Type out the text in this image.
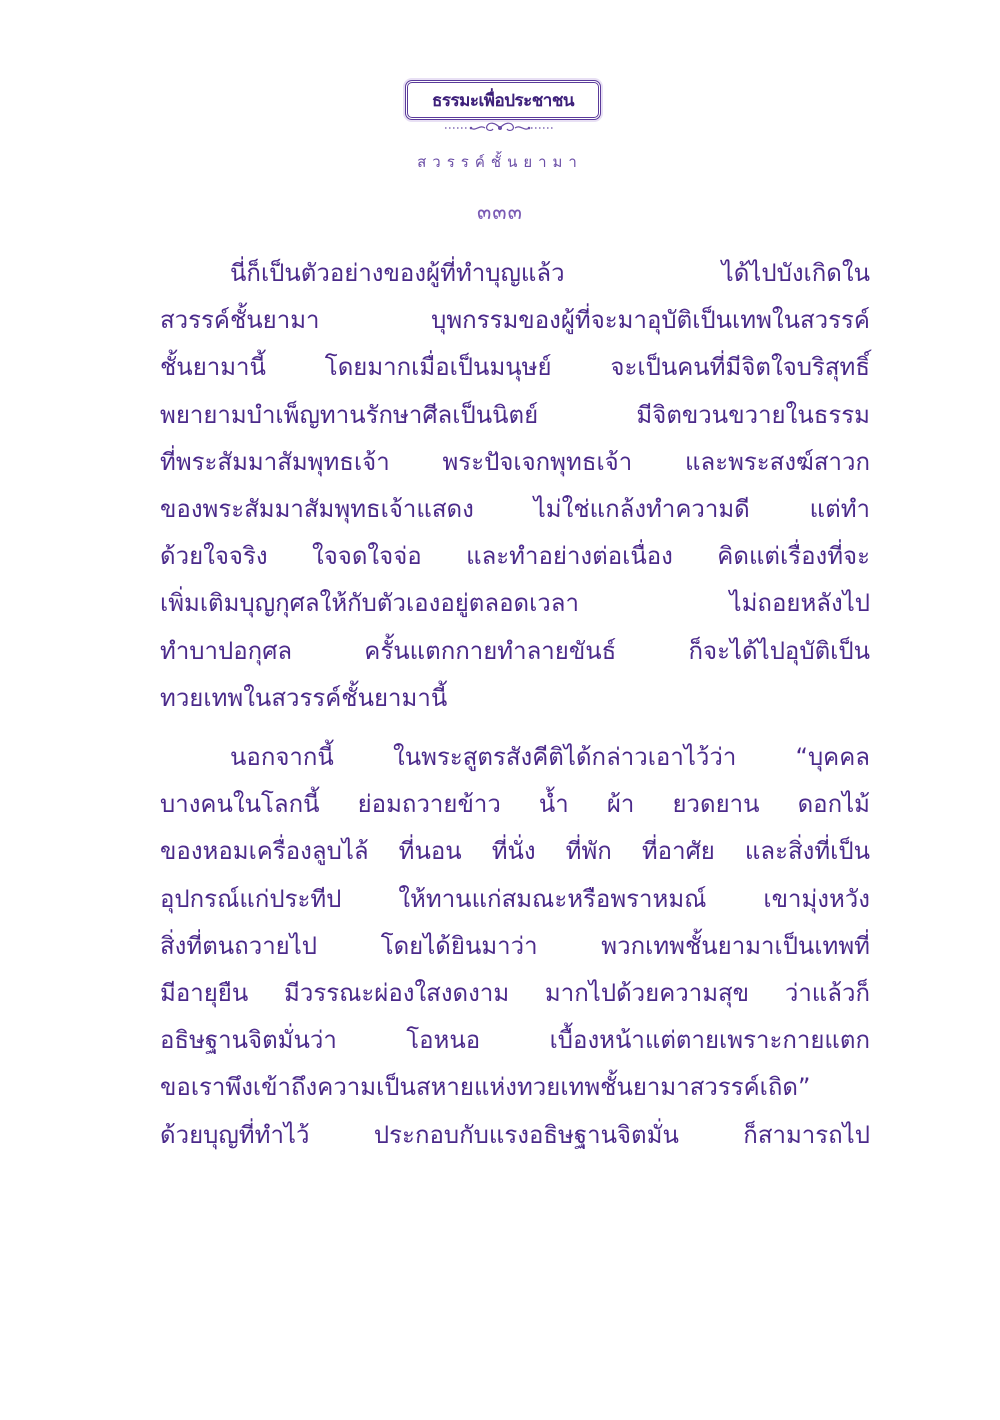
ธรรมะเพื่อประชาชน
สวรรค์ชั้นยามา
๓๓๓
นี่ก็เป็นตัวอย่างของผู้ที่ทำบุญแล้ว ได้ไปบังเกิดใน
สวรรค์ชั้นยามา บุพกรรมของผู้ที่จะมาอุบัติเป็นเทพในสวรรค์
ชั้นยามานี้ โดยมากเมื่อเป็นมนุษย์ จะเป็นคนที่มีจิตใจบริสุทธิ์
พยายามบำเพ็ญทานรักษาศีลเป็นนิตย์ มีจิตขวนขวายในธรรม
ที่พระสัมมาสัมพุทธเจ้า พระปัจเจกพุทธเจ้า และพระสงฆ์สาวก
ของพระสัมมาสัมพุทธเจ้าแสดง ไม่ใช่แกล้งทำความดี แต่ทำ
ด้วยใจจริง ใจจดใจจ่อ และทำอย่างต่อเนื่อง คิดแต่เรื่องที่จะ
เพิ่มเติมบุญกุศลให้กับตัวเองอยู่ตลอดเวลา ไม่ถอยหลังไป
ทำบาปอกุศล ครั้นแตกกายทำลายขันธ์ ก็จะได้ไปอุบัติเป็น
ทวยเทพในสวรรค์ชั้นยามานี้
นอกจากนี้ ในพระสูตรสังคีติได้กล่าวเอาไว้ว่า “บุคคล
บางคนในโลกนี้ ย่อมถวายข้าว น้ำ ผ้า ยวดยาน ดอกไม้
ของหอมเครื่องลูบไล้ ที่นอน ที่นั่ง ที่พัก ที่อาศัย และสิ่งที่เป็น
อุปกรณ์แก่ประทีป ให้ทานแก่สมณะหรือพราหมณ์ เขามุ่งหวัง
สิ่งที่ตนถวายไป โดยได้ยินมาว่า พวกเทพชั้นยามาเป็นเทพที่
มีอายุยืน มีวรรณะผ่องใสงดงาม มากไปด้วยความสุข ว่าแล้วก็
อธิษฐานจิตมั่นว่า โอหนอ เบื้องหน้าแต่ตายเพราะกายแตก
ขอเราพึงเข้าถึงความเป็นสหายแห่งทวยเทพชั้นยามาสวรรค์เถิด”
ด้วยบุญที่ทำไว้ ประกอบกับแรงอธิษฐานจิตมั่น ก็สามารถไป
